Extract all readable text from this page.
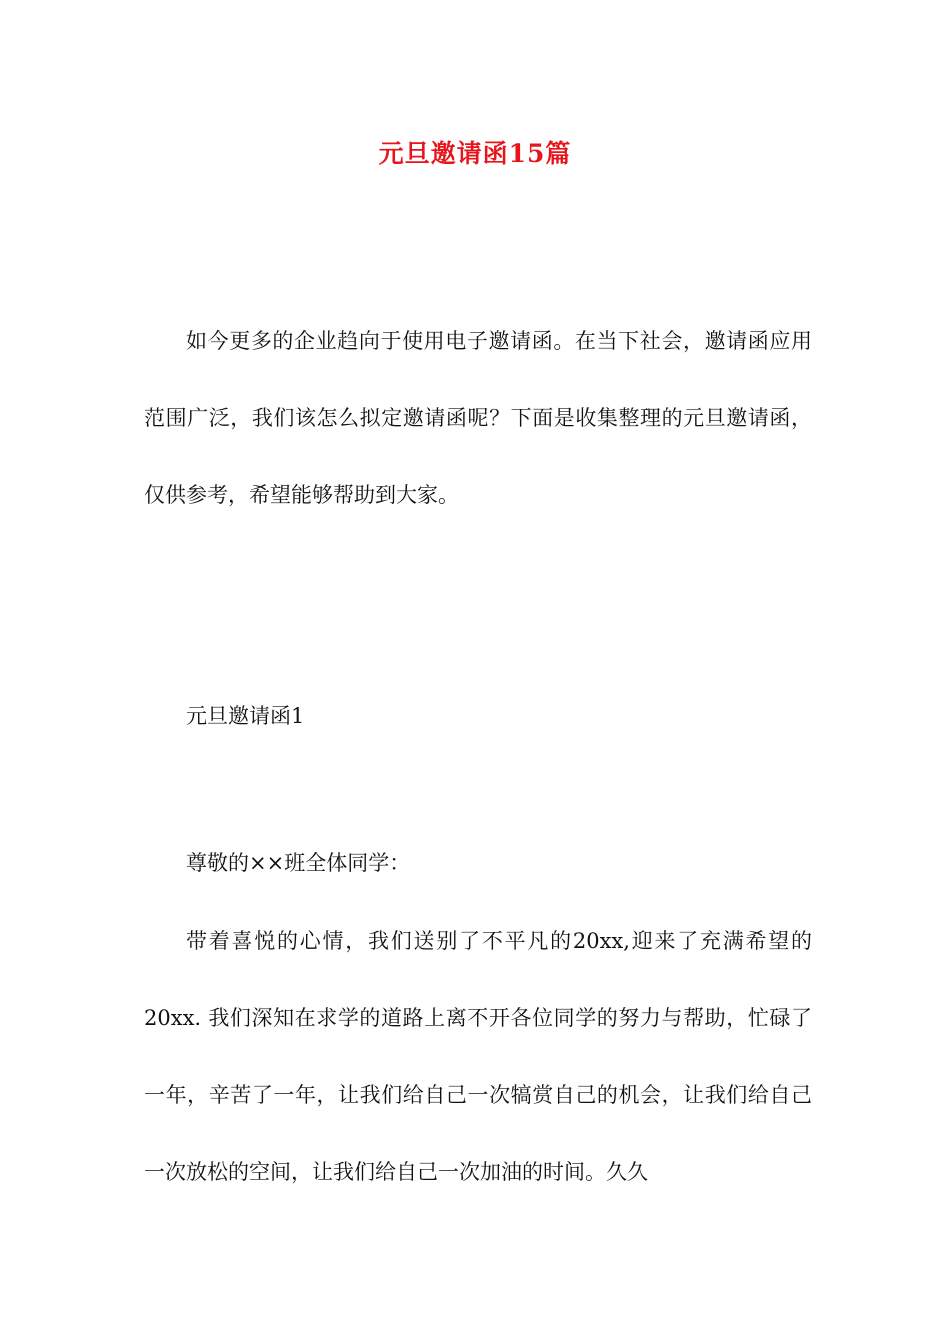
元旦邀请函15篇

如今更多的企业趋向于使用电子邀请函。在当下社会，邀请函应用范围广泛，我们该怎么拟定邀请函呢？下面是收集整理的元旦邀请函，仅供参考，希望能够帮助到大家。

元旦邀请函1
尊敬的××班全体同学：

带着喜悦的心情，我们送别了不平凡的20xx,迎来了充满希望的20xx. 我们深知在求学的道路上离不开各位同学的努力与帮助，忙碌了一年，辛苦了一年，让我们给自己一次犒赏自己的机会，让我们给自己一次放松的空间，让我们给自己一次加油的时间。久久
